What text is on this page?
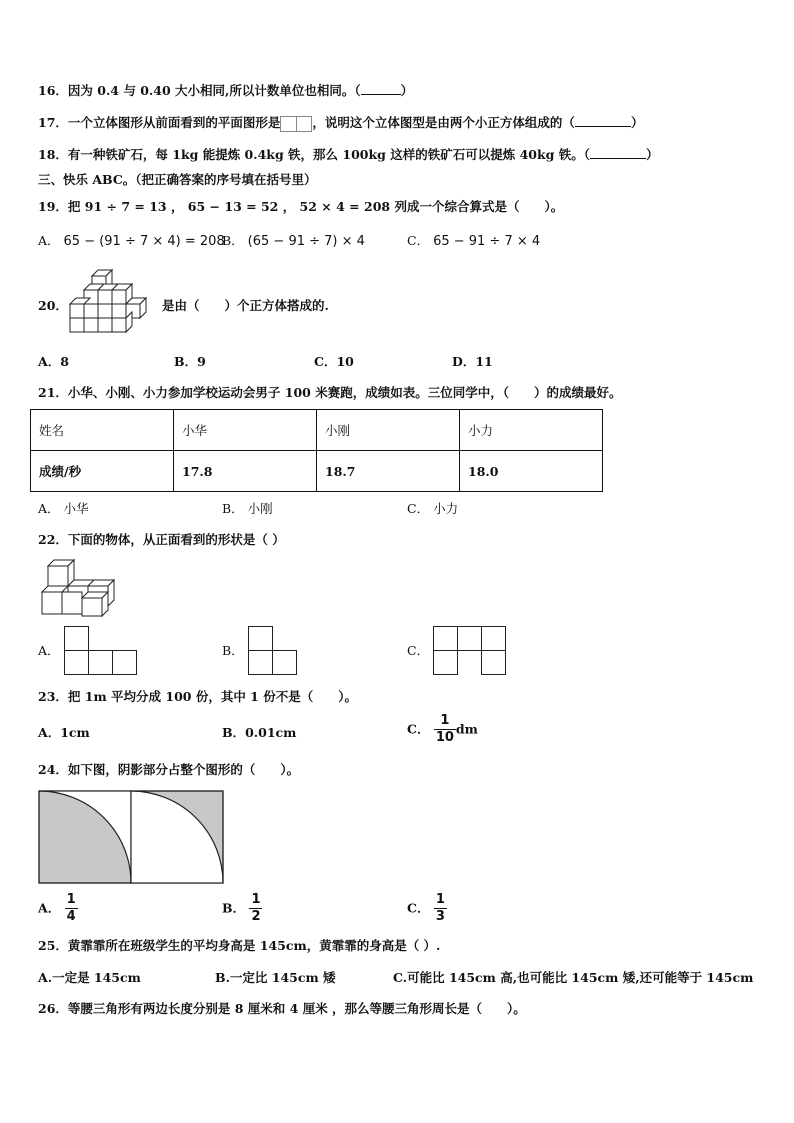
16．因为 0.4 与 0.40 大小相同,所以计数单位也相同。（	）
17．一个立体图形从前面看到的平面图形是	，说明这个立体图型是由两个小正方体组成的（	）
18．有一种铁矿石，每 1kg 能提炼 0.4kg 铁，那么 100kg 这样的铁矿石可以提炼 40kg 铁。（	）
三、快乐 ABC。（把正确答案的序号填在括号里）
19．把 91 ÷ 7 = 13 ， 65 − 13 = 52 ， 52 × 4 = 208 列成一个综合算式是（　　）。
A． 65 − (91 ÷ 7 × 4) = 208
B． (65 − 91 ÷ 7) × 4	C． 65 − 91 ÷ 7 × 4
20．	是由（　　）个正方体搭成的.
A．8	B．9	C．10	D．11
21．小华、小刚、小力参加学校运动会男子 100 米赛跑，成绩如表。三位同学中，（　　）的成绩最好。
姓名	小华	小刚	小力
成绩/秒	17.8	18.7	18.0
A． 小华	B． 小刚	C． 小力
22．下面的物体，从正面看到的形状是（ ）
A．	B．	C．
23．把 1m 平均分成 100 份，其中 1 份不是（　　）。
A．1cm	B．0.01cm	C． $\frac{1}{10}$ dm
24．如下图，阴影部分占整个图形的（　　）。
A． $\frac{1}{4}$	B． $\frac{1}{2}$	C． $\frac{1}{3}$
25．黄霏霏所在班级学生的平均身高是 145cm，黄霏霏的身高是（ ）.
A.一定是 145cm	B.一定比 145cm 矮	C.可能比 145cm 高,也可能比 145cm 矮,还可能等于 145cm
26．等腰三角形有两边长度分别是 8 厘米和 4 厘米 ，那么等腰三角形周长是（　　）。
